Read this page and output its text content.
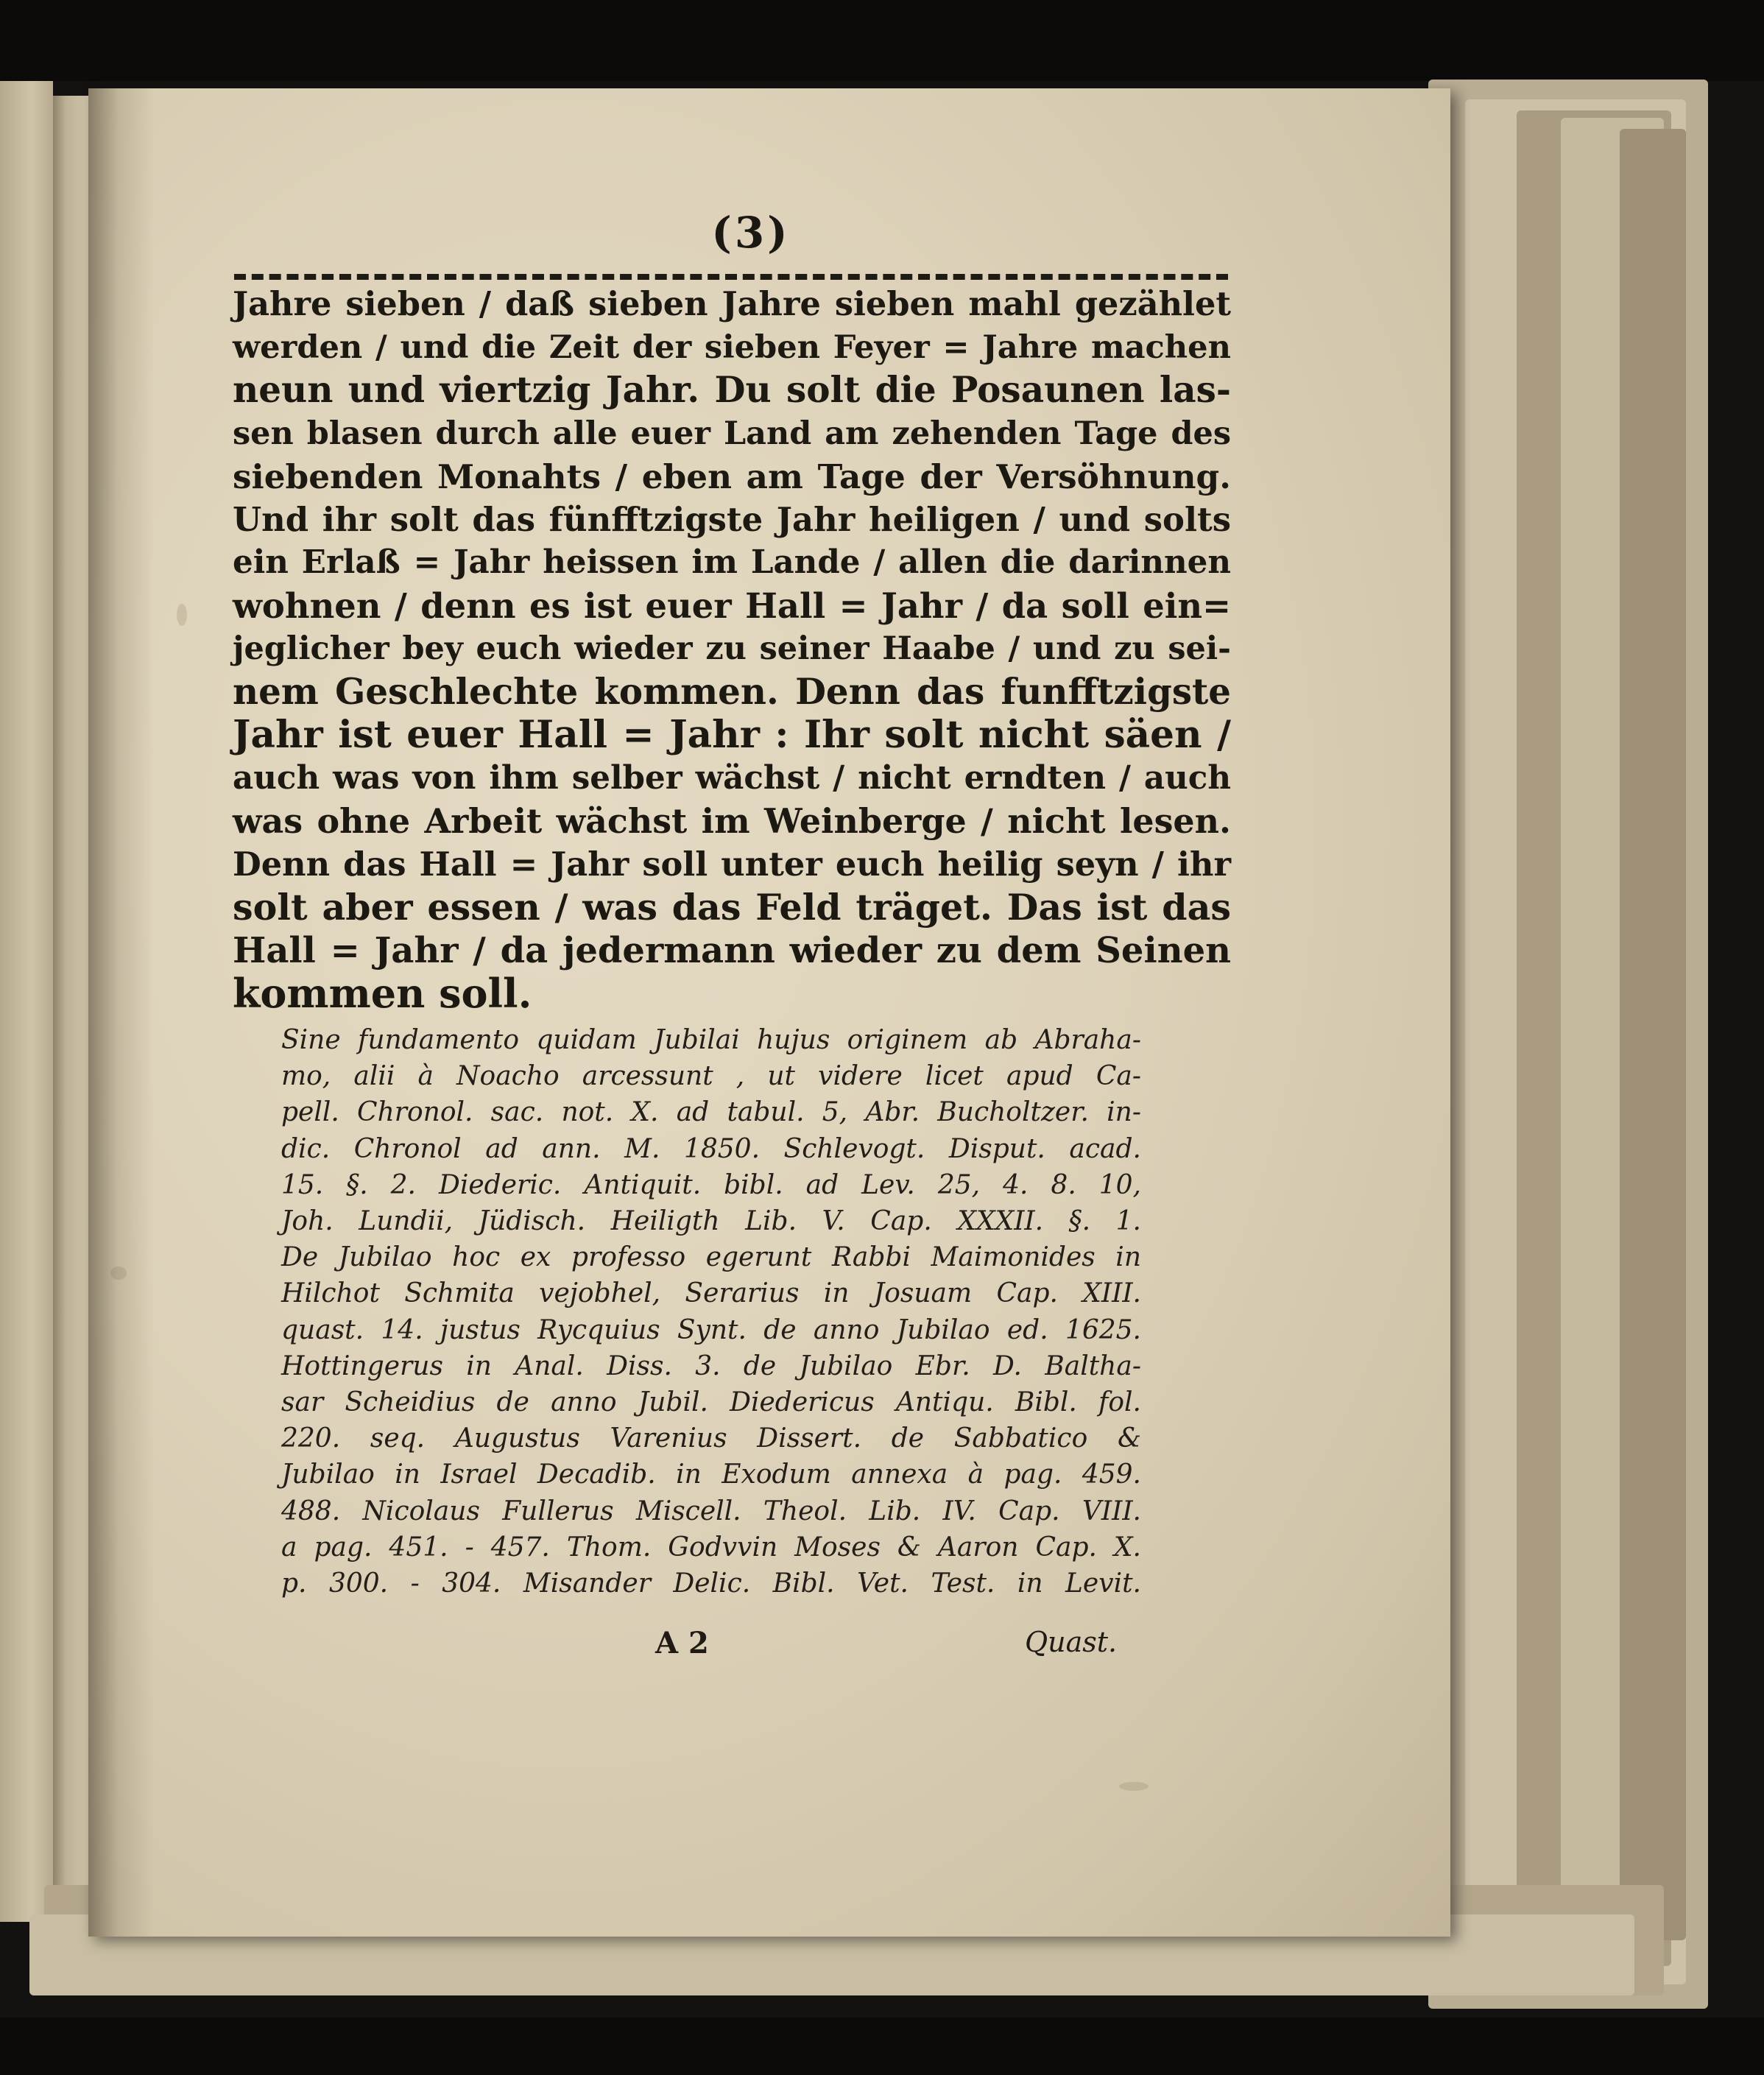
(3)
Jahre sieben / daß sieben Jahre sieben mahl gezählet
werden / und die Zeit der sieben Feyer = Jahre machen
neun und viertzig Jahr. Du solt die Posaunen las-
sen blasen durch alle euer Land am zehenden Tage des
siebenden Monahts / eben am Tage der Versöhnung.
Und ihr solt das fünfftzigste Jahr heiligen / und solts
ein Erlaß = Jahr heissen im Lande / allen die darinnen
wohnen / denn es ist euer Hall = Jahr / da soll ein=
jeglicher bey euch wieder zu seiner Haabe / und zu sei-
nem Geschlechte kommen. Denn das funfftzigste
Jahr ist euer Hall = Jahr : Ihr solt nicht säen /
auch was von ihm selber wächst / nicht erndten / auch
was ohne Arbeit wächst im Weinberge / nicht lesen.
Denn das Hall = Jahr soll unter euch heilig seyn / ihr
solt aber essen / was das Feld träget. Das ist das
Hall = Jahr / da jedermann wieder zu dem Seinen
kommen soll.
Sine fundamento quidam Jubilai hujus originem ab Abraha-
mo, alii à Noacho arcessunt , ut videre licet apud Ca-
pell. Chronol. sac. not. X. ad tabul. 5, Abr. Bucholtzer. in-
dic. Chronol ad ann. M. 1850. Schlevogt. Disput. acad.
15. §. 2. Diederic. Antiquit. bibl. ad Lev. 25, 4. 8. 10,
Joh. Lundii, Jüdisch. Heiligth Lib. V. Cap. XXXII. §. 1.
De Jubilao hoc ex professo egerunt Rabbi Maimonides in
Hilchot Schmita vejobhel, Serarius in Josuam Cap. XIII.
quast. 14. justus Rycquius Synt. de anno Jubilao ed. 1625.
Hottingerus in Anal. Diss. 3. de Jubilao Ebr. D. Baltha-
sar Scheidius de anno Jubil. Diedericus Antiqu. Bibl. fol.
220. seq. Augustus Varenius Dissert. de Sabbatico &
Jubilao in Israel Decadib. in Exodum annexa à pag. 459.
488. Nicolaus Fullerus Miscell. Theol. Lib. IV. Cap. VIII.
a pag. 451. - 457. Thom. Godvvin Moses & Aaron Cap. X.
p. 300. - 304. Misander Delic. Bibl. Vet. Test. in Levit.
A 2	Quast.
